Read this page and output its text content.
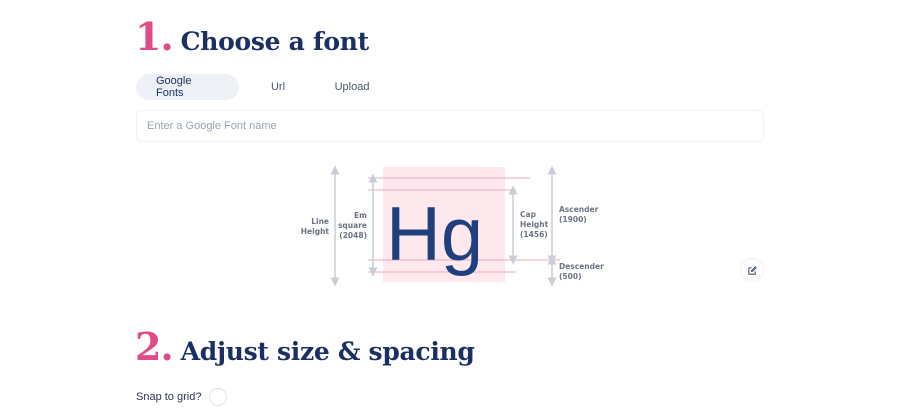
1. Choose a font
Google Fonts	Url	Upload
Enter a Google Font name
Hg
Line
Height
Em
square
(2048)
Cap
Height
(1456)
Ascender
(1900)
Descender
(500)
2. Adjust size & spacing
Snap to grid?
